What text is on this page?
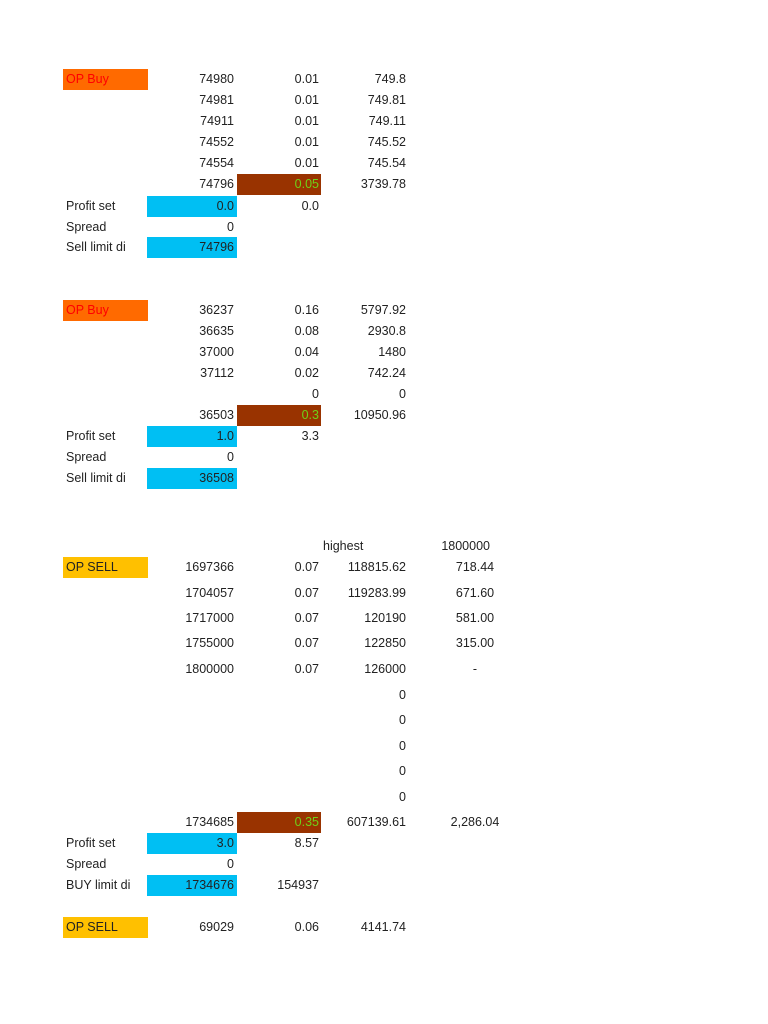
OP Buy	74980	0.01	749.8
74981	0.01	749.81
74911	0.01	749.11
74552	0.01	745.52
74554	0.01	745.54
74796	0.05	3739.78
Profit set	0.0	0.0
Spread	0
Sell limit di	74796
OP Buy	36237	0.16	5797.92
36635	0.08	2930.8
37000	0.04	1480
37112	0.02	742.24
0	0
36503	0.3	10950.96
Profit set	1.0	3.3
Spread	0
Sell limit di	36508
highest	1800000
OP SELL	1697366	0.07	118815.62	718.44
1704057	0.07	119283.99	671.60
1717000	0.07	120190	581.00
1755000	0.07	122850	315.00
1800000	0.07	126000	-
0
0
0
0
0
1734685	0.35	607139.61	2,286.04
Profit set	3.0	8.57
Spread	0
BUY limit di	1734676	154937
OP SELL	69029	0.06	4141.74
